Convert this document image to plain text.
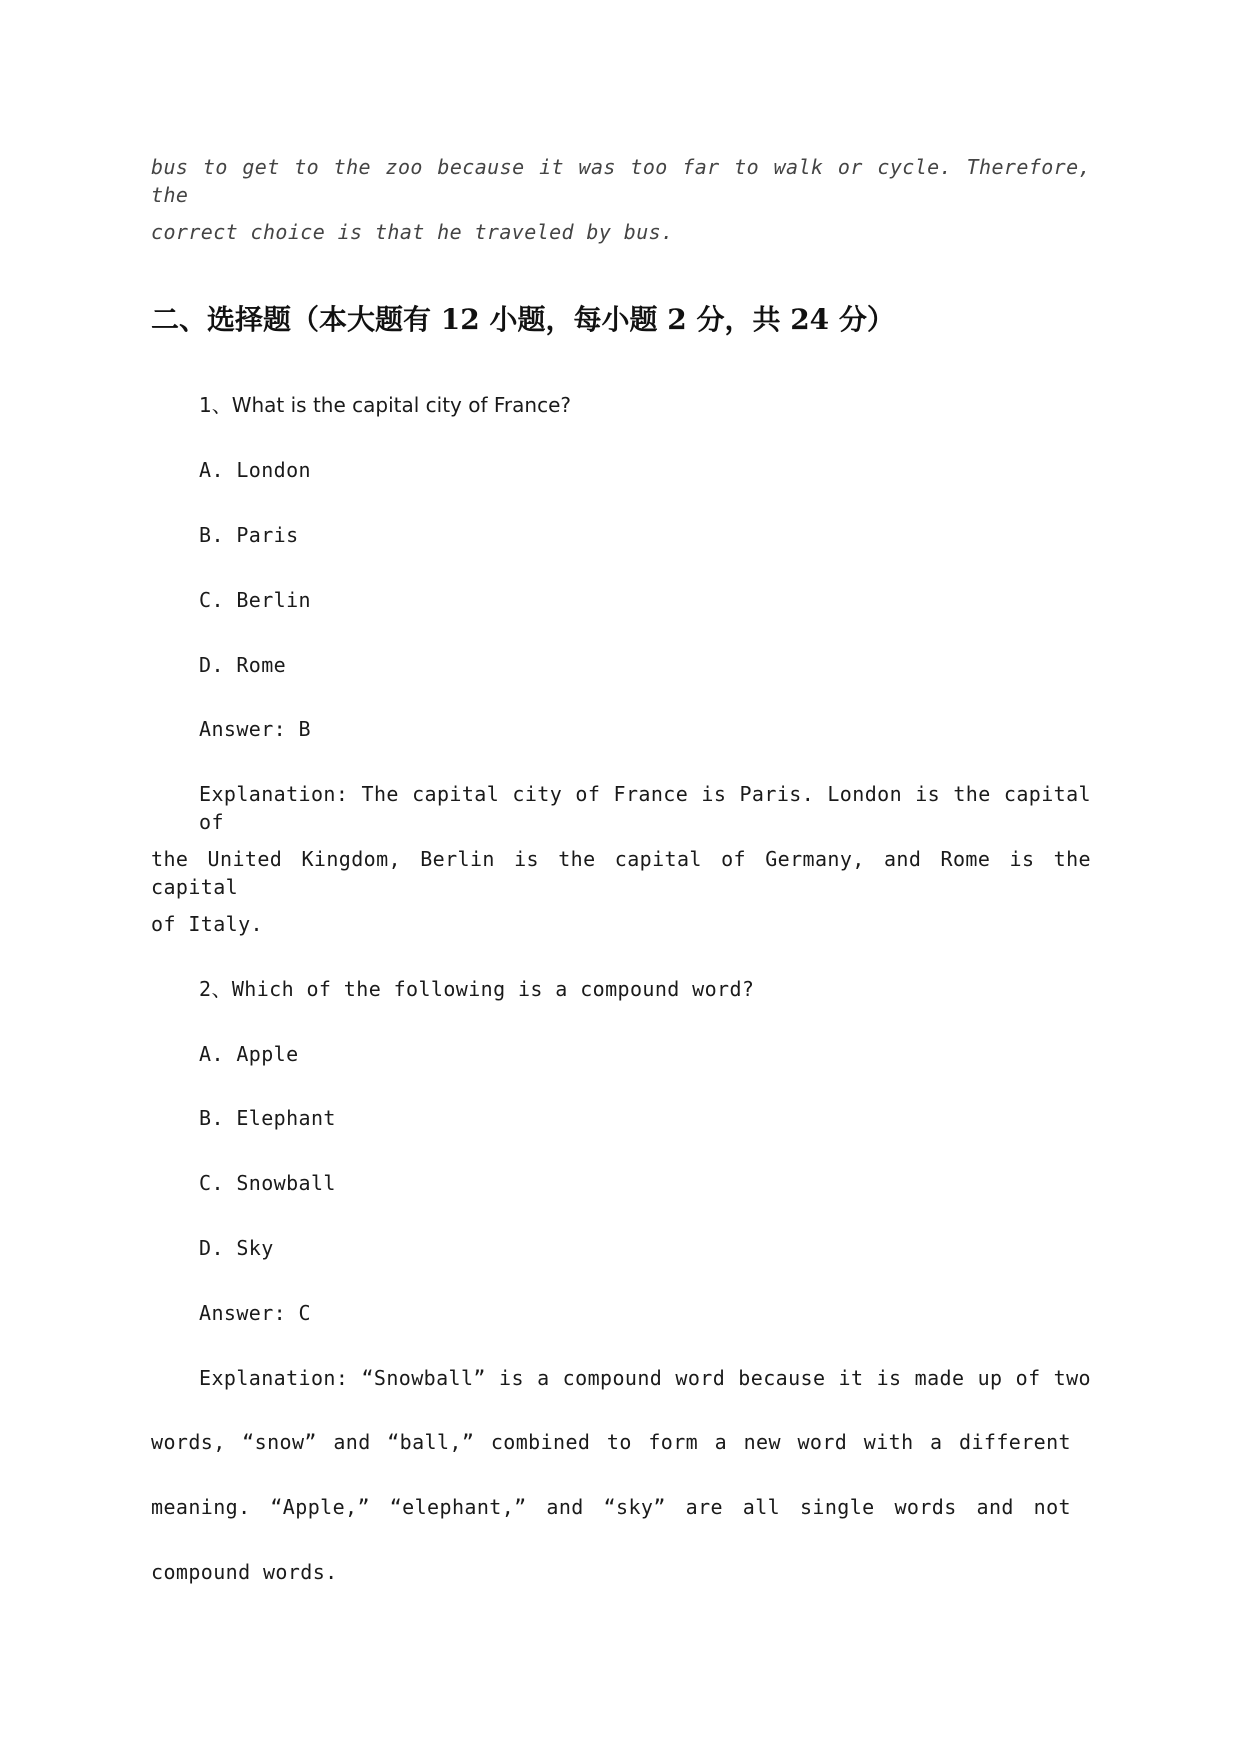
bus to get to the zoo because it was too far to walk or cycle. Therefore, the
correct choice is that he traveled by bus.
二、选择题（本大题有 12 小题，每小题 2 分，共 24 分）
1、What is the capital city of France?
A. London
B. Paris
C. Berlin
D. Rome
Answer: B
Explanation: The capital city of France is Paris. London is the capital of
the United Kingdom, Berlin is the capital of Germany, and Rome is the capital
of Italy.
2、Which of the following is a compound word?
A. Apple
B. Elephant
C. Snowball
D. Sky
Answer: C
Explanation: “Snowball” is a compound word because it is made up of two
words, “snow” and “ball,” combined to form a new word with a different
meaning. “Apple,” “elephant,” and “sky” are all single words and not
compound words.
